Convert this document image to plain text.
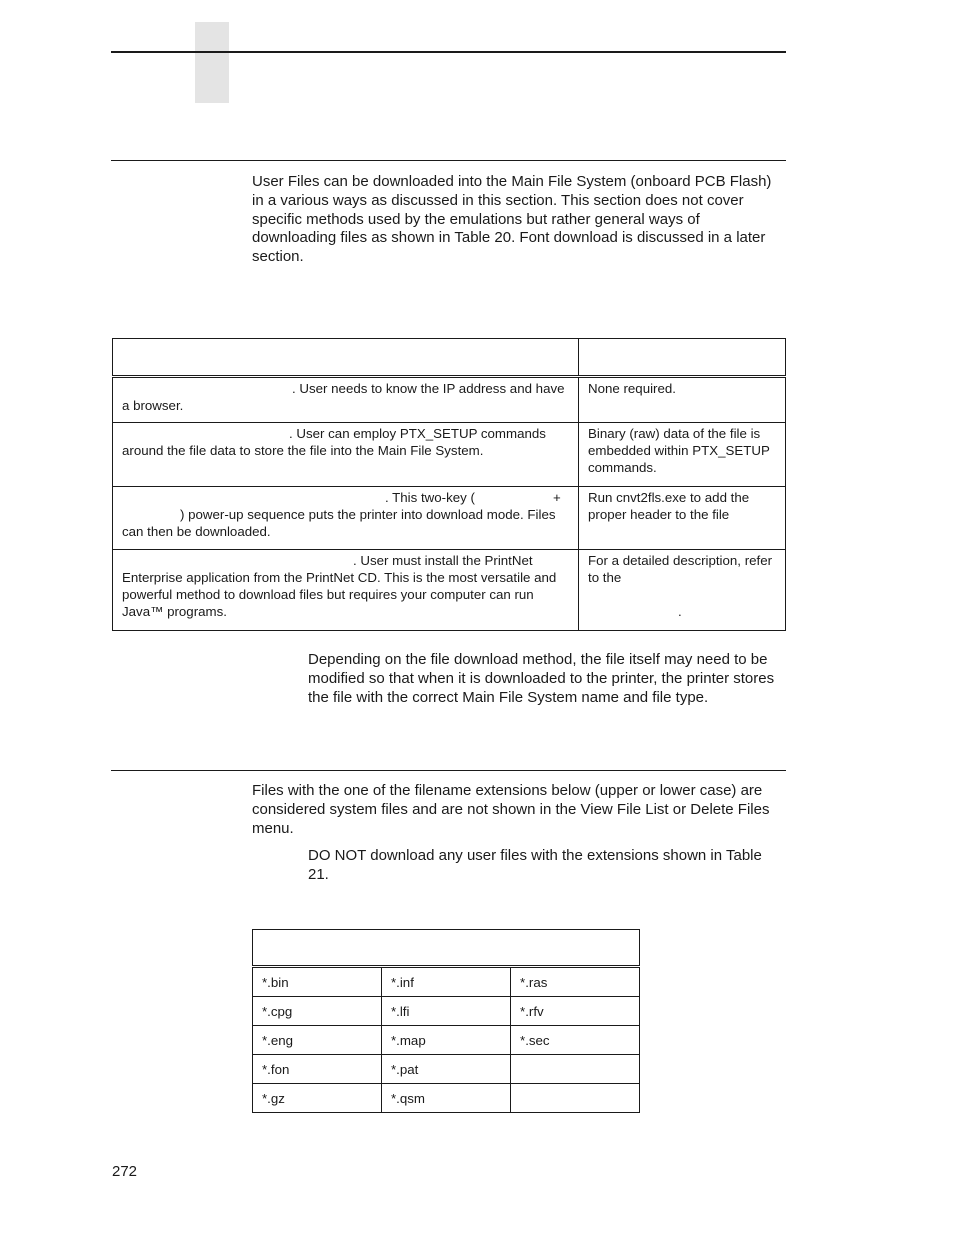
User Files can be downloaded into the Main File System (onboard PCB Flash) in a various ways as discussed in this section. This section does not cover specific methods used by the emulations but rather general ways of downloading files as shown in Table 20. Font download is discussed in a later section.

. User needs to know the IP address and have a browser.	None required.
. User can employ PTX_SETUP commands around the file data to store the file into the Main File System.	Binary (raw) data of the file is embedded within PTX_SETUP commands.

. This two-key ( +
) power-up sequence puts the printer into download mode. Files can then be downloaded.	Run cnvt2fls.exe to add the proper header to the file
. User must install the PrintNet Enterprise application from the PrintNet CD. This is the most versatile and powerful method to download files but requires your computer can run Java™ programs.	For a detailed description, refer to the
.
Depending on the file download method, the file itself may need to be modified so that when it is downloaded to the printer, the printer stores the file with the correct Main File System name and file type.
Files with the one of the filename extensions below (upper or lower case) are considered system files and are not shown in the View File List or Delete Files menu.
DO NOT download any user files with the extensions shown in Table 21.

*.bin	*.inf	*.ras
*.cpg	*.lfi	*.rfv
*.eng	*.map	*.sec
*.fon	*.pat	
*.gz	*.qsm	
272
